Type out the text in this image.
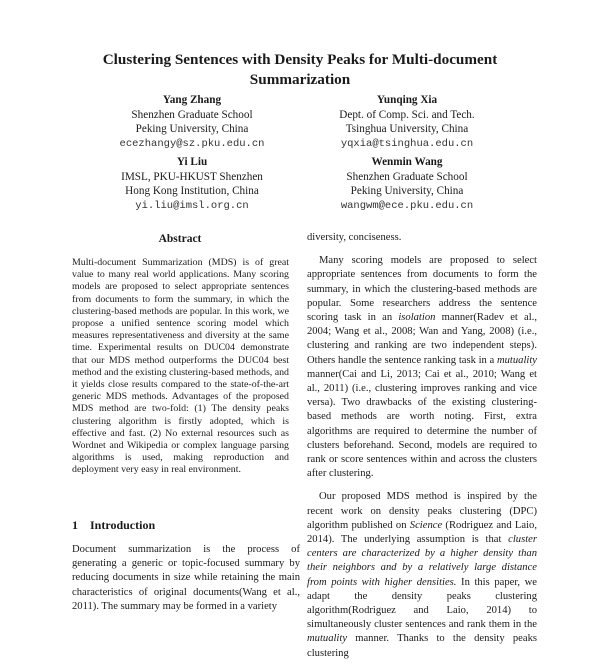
Clustering Sentences with Density Peaks for Multi-document Summarization
Yang Zhang
Shenzhen Graduate School
Peking University, China
ecezhangy@sz.pku.edu.cn
Yunqing Xia
Dept. of Comp. Sci. and Tech.
Tsinghua University, China
yqxia@tsinghua.edu.cn
Yi Liu
IMSL, PKU-HKUST Shenzhen
Hong Kong Institution, China
yi.liu@imsl.org.cn
Wenmin Wang
Shenzhen Graduate School
Peking University, China
wangwm@ece.pku.edu.cn
Abstract
Multi-document Summarization (MDS) is of great value to many real world applications. Many scoring models are proposed to select appropriate sentences from documents to form the summary, in which the clustering-based methods are popular. In this work, we propose a unified sentence scoring model which measures representativeness and diversity at the same time. Experimental results on DUC04 demonstrate that our MDS method outperforms the DUC04 best method and the existing clustering-based methods, and it yields close results compared to the state-of-the-art generic MDS methods. Advantages of the proposed MDS method are two-fold: (1) The density peaks clustering algorithm is firstly adopted, which is effective and fast. (2) No external resources such as Wordnet and Wikipedia or complex language parsing algorithms is used, making reproduction and deployment very easy in real environment.
1 Introduction
Document summarization is the process of generating a generic or topic-focused summary by reducing documents in size while retaining the main characteristics of original documents(Wang et al., 2011). The summary may be formed in a variety

diversity, conciseness.

Many scoring models are proposed to select appropriate sentences from documents to form the summary, in which the clustering-based methods are popular. Some researchers address the sentence scoring task in an isolation manner(Radev et al., 2004; Wang et al., 2008; Wan and Yang, 2008) (i.e., clustering and ranking are two independent steps). Others handle the sentence ranking task in a mutuality manner(Cai and Li, 2013; Cai et al., 2010; Wang et al., 2011) (i.e., clustering improves ranking and vice versa). Two drawbacks of the existing clustering-based methods are worth noting. First, extra algorithms are required to determine the number of clusters beforehand. Second, models are required to rank or score sentences within and across the clusters after clustering.

Our proposed MDS method is inspired by the recent work on density peaks clustering (DPC) algorithm published on Science (Rodriguez and Laio, 2014). The underlying assumption is that cluster centers are characterized by a higher density than their neighbors and by a relatively large distance from points with higher densities. In this paper, we adapt the density peaks clustering algorithm(Rodriguez and Laio, 2014) to simultaneously cluster sentences and rank them in the mutuality manner. Thanks to the density peaks clustering
